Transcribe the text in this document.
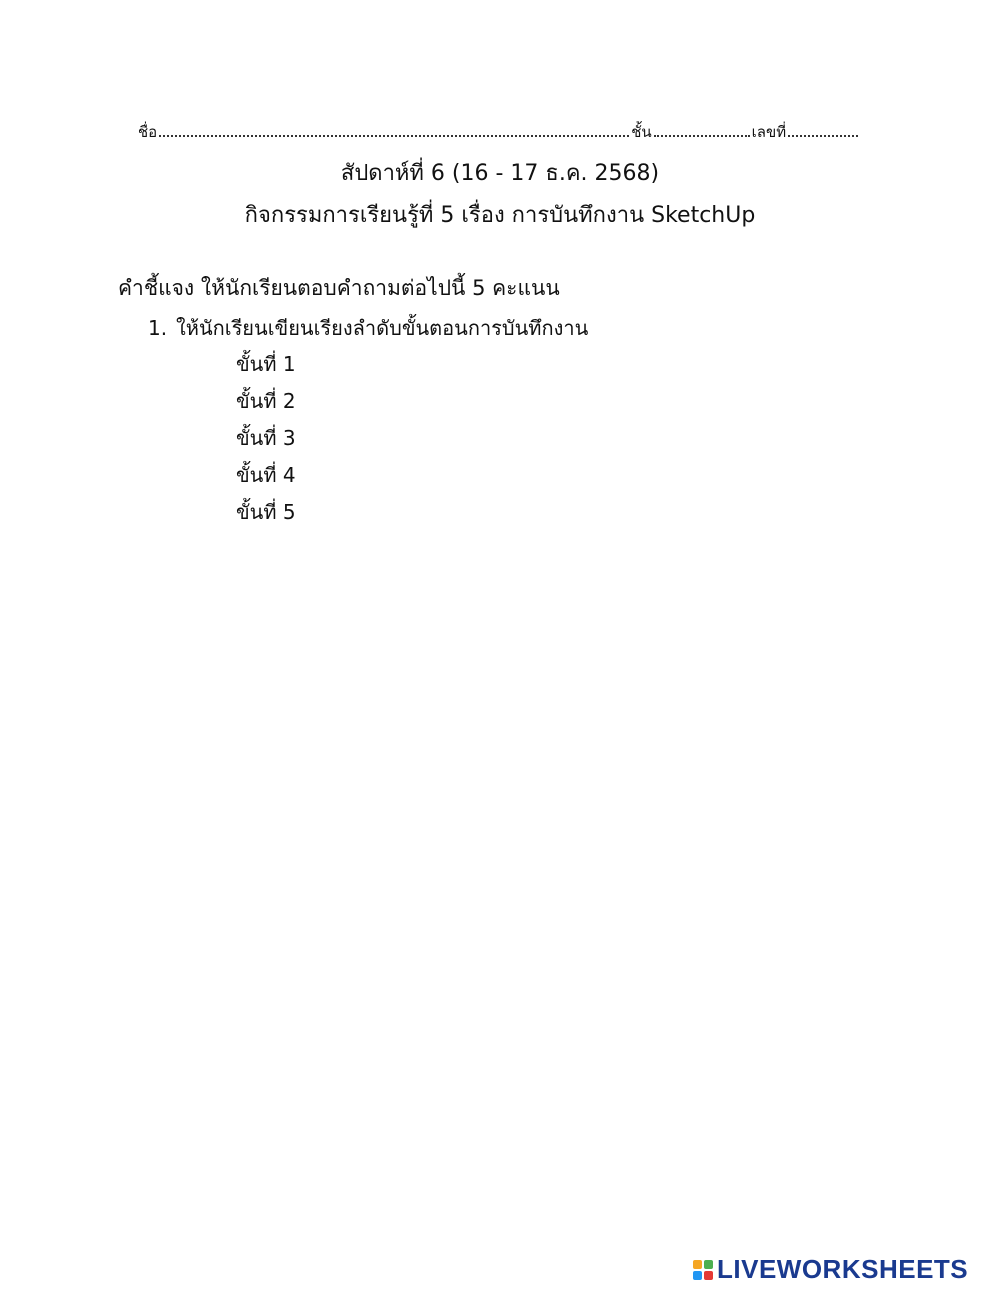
ชื่อ	ชั้น	เลขที่
สัปดาห์ที่ 6 (16 - 17 ธ.ค. 2568)
กิจกรรมการเรียนรู้ที่ 5 เรื่อง การบันทึกงาน SketchUp
คำชี้แจง ให้นักเรียนตอบคำถามต่อไปนี้ 5 คะแนน
1. ให้นักเรียนเขียนเรียงลำดับขั้นตอนการบันทึกงาน
ขั้นที่ 1
ขั้นที่ 2
ขั้นที่ 3
ขั้นที่ 4
ขั้นที่ 5
LIVEWORKSHEETS
